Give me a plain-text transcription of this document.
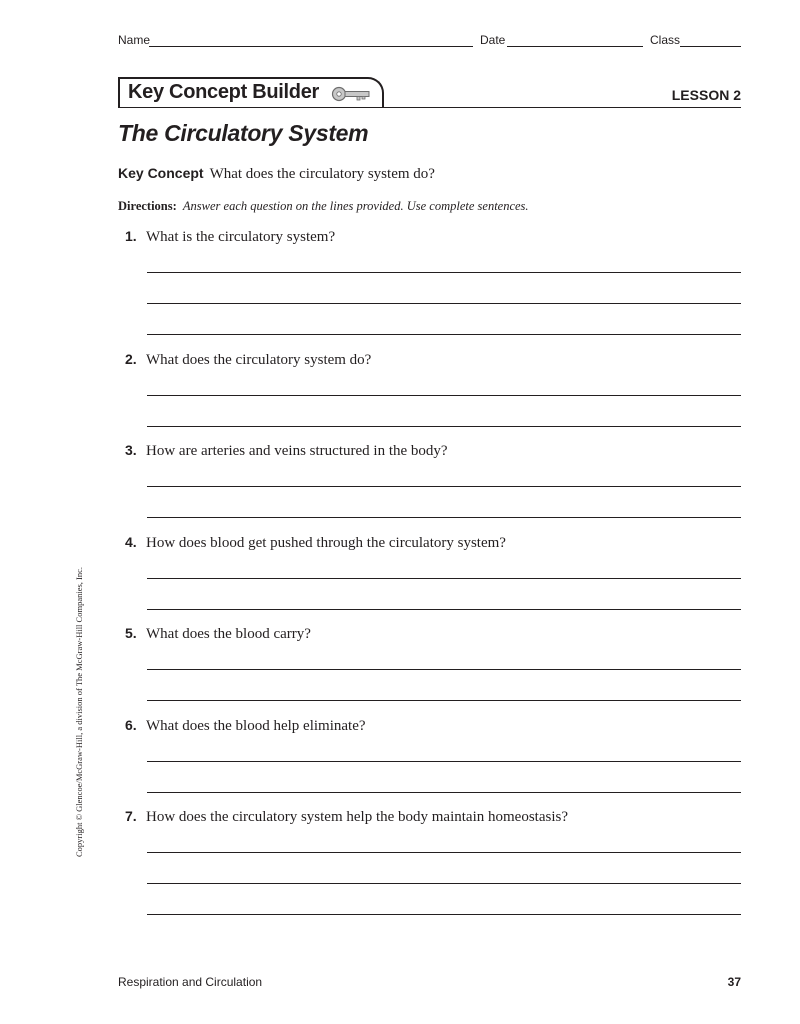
Name	Date	Class
Key Concept Builder	LESSON 2
The Circulatory System
Key Concept What does the circulatory system do?
Directions: Answer each question on the lines provided. Use complete sentences.
1. What is the circulatory system?
2. What does the circulatory system do?
3. How are arteries and veins structured in the body?
4. How does blood get pushed through the circulatory system?
5. What does the blood carry?
6. What does the blood help eliminate?
7. How does the circulatory system help the body maintain homeostasis?
Copyright © Glencoe/McGraw-Hill, a division of The McGraw-Hill Companies, Inc.
Respiration and Circulation	37
